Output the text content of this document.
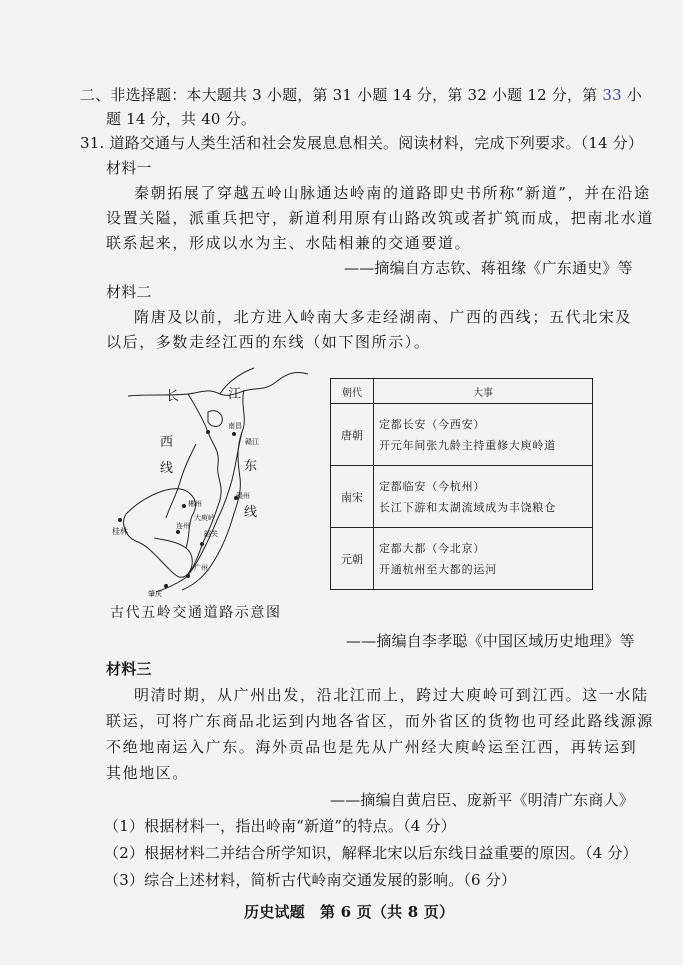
二、非选择题：本大题共 3 小题，第 31 小题 14 分，第 32 小题 12 分，第 33 小
题 14 分，共 40 分。
31. 道路交通与人类生活和社会发展息息相关。阅读材料，完成下列要求。（14 分）
材料一
秦朝拓展了穿越五岭山脉通达岭南的道路即史书所称“新道”，并在沿途
设置关隘，派重兵把守，新道利用原有山路改筑或者扩筑而成，把南北水道
联系起来，形成以水为主、水陆相兼的交通要道。
——摘编自方志钦、蒋祖缘《广东通史》等
材料二
隋唐及以前，北方进入岭南大多走经湖南、广西的西线；五代北宋及
以后，多数走经江西的东线（如下图所示）。
长	江
南昌
赣江
西
线	东
线
桂林
赣州
郴州
大庾岭
连州
韶关
广州
肇庆
朝代	大事
唐朝	定都长安（今西安）
开元年间张九龄主持重修大庾岭道

南宋	定都临安（今杭州）
长江下游和太湖流域成为丰饶粮仓

元朝	定都大都（今北京）
开通杭州至大都的运河
古代五岭交通道路示意图
——摘编自李孝聪《中国区域历史地理》等
材料三
明清时期，从广州出发，沿北江而上，跨过大庾岭可到江西。这一水陆
联运，可将广东商品北运到内地各省区，而外省区的货物也可经此路线源源
不绝地南运入广东。海外贡品也是先从广州经大庾岭运至江西，再转运到
其他地区。
——摘编自黄启臣、庞新平《明清广东商人》
（1）根据材料一，指出岭南“新道”的特点。（4 分）
（2）根据材料二并结合所学知识，解释北宋以后东线日益重要的原因。（4 分）
（3）综合上述材料，简析古代岭南交通发展的影响。（6 分）
历史试题　第 6 页（共 8 页）
